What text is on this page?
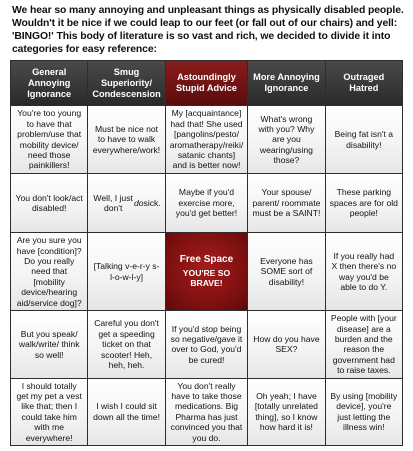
We hear so many annoying and unpleasant things as physically disabled people. Wouldn't it be nice if we could leap to our feet (or fall out of our chairs) and yell: 'BINGO!' This body of literature is so vast and rich, we decided to divide it into categories for easy reference:
General Annoying Ignorance
Smug Superiority/ Condescension
Astoundingly Stupid Advice
More Annoying Ignorance
Outraged Hatred
You're too young to have that problem/use that mobility device/ need those painkillers!
Must be nice not to have to walk everywhere/work!
My [acquaintance] had that! She used [pangolins/pesto/ aromatherapy/reiki/ satanic chants] and is better now!
What's wrong with you? Why are you wearing/using those?
Being fat isn't a disability!
You don't look/act disabled!
Well, I just don't
do sick.
Maybe if you'd exercise more, you'd get better!
Your spouse/ parent/ roommate must be a SAINT!
These parking spaces are for old people!
Are you sure you have [condition]? Do you really need that [mobility device/hearing aid/service dog]?
[Talking v-e-r-y s-l-o-w-l-y]
Free Space
YOU'RE SO BRAVE!
Everyone has SOME sort of disability!
If you really had X then there's no way you'd be able to do Y.
But you speak/ walk/write/ think so well!
Careful you don't get a speeding ticket on that scooter! Heh, heh, heh.
If you'd stop being so negative/gave it over to God, you'd be cured!
How do you have SEX?
People with [your disease] are a burden and the reason the government had to raise taxes.
I should totally get my pet a vest like that; then I could take him with me everywhere!
I wish I could sit down all the time!
You don't really have to take those medications. Big Pharma has just convinced you that you do.
Oh yeah; I have [totally unrelated thing], so I know how hard it is!
By using [mobility device], you're just letting the illness win!
